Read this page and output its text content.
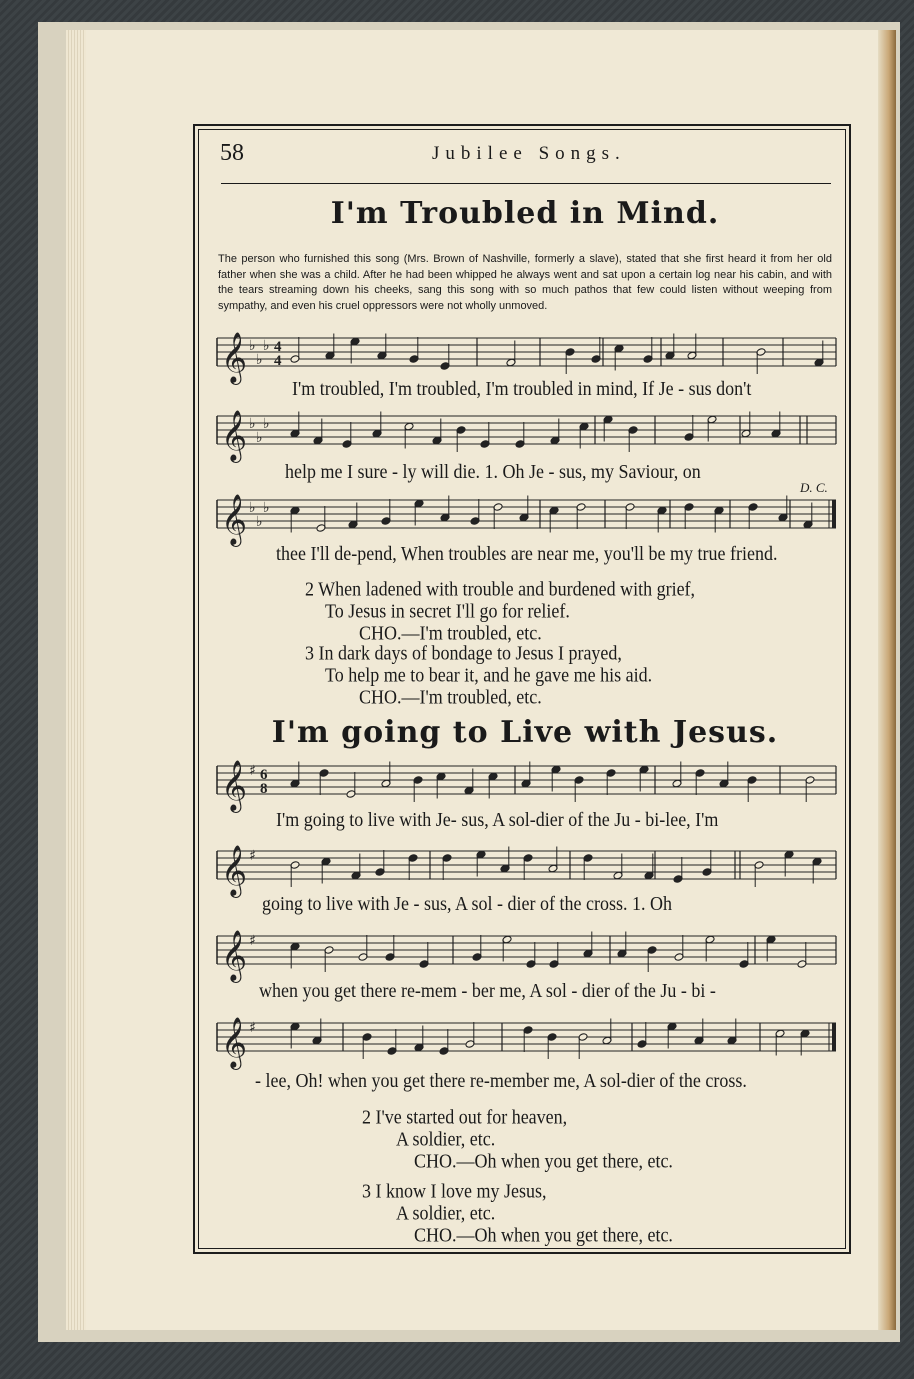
58	Jubilee Songs.
I'm Troubled in Mind.
The person who furnished this song (Mrs. Brown of Nashville, formerly a slave), stated that she first heard it from her old father when she was a child. After he had been whipped he always went and sat upon a certain log near his cabin, and with the tears streaming down his cheeks, sang this song with so much pathos that few could listen without weeping from sympathy, and even his cruel oppressors were not wholly unmoved.
𝄞 ♭
♭
♭ 4
4
I'm troubled, I'm troubled, I'm troubled in mind, If Je - sus don't
𝄞 ♭
♭
♭
help me I sure - ly will die. 1. Oh Je - sus, my Saviour, on
D. C.
𝄞 ♭
♭
♭
thee I'll de-pend, When troubles are near me, you'll be my true friend.
2 When ladened with trouble and burdened with grief,
To Jesus in secret I'll go for relief.
CHO.—I'm troubled, etc.
3 In dark days of bondage to Jesus I prayed,
To help me to bear it, and he gave me his aid.
CHO.—I'm troubled, etc.
I'm going to Live with Jesus.
𝄞 ♯ 6
8
I'm going to live with Je- sus, A sol-dier of the Ju - bi-lee, I'm
𝄞 ♯
going to live with Je - sus, A sol - dier of the cross. 1. Oh
𝄞 ♯
when you get there re-mem - ber me, A sol - dier of the Ju - bi -
𝄞 ♯
- lee, Oh! when you get there re-member me, A sol-dier of the cross.
2 I've started out for heaven,
A soldier, etc.
CHO.—Oh when you get there, etc.
3 I know I love my Jesus,
A soldier, etc.
CHO.—Oh when you get there, etc.
